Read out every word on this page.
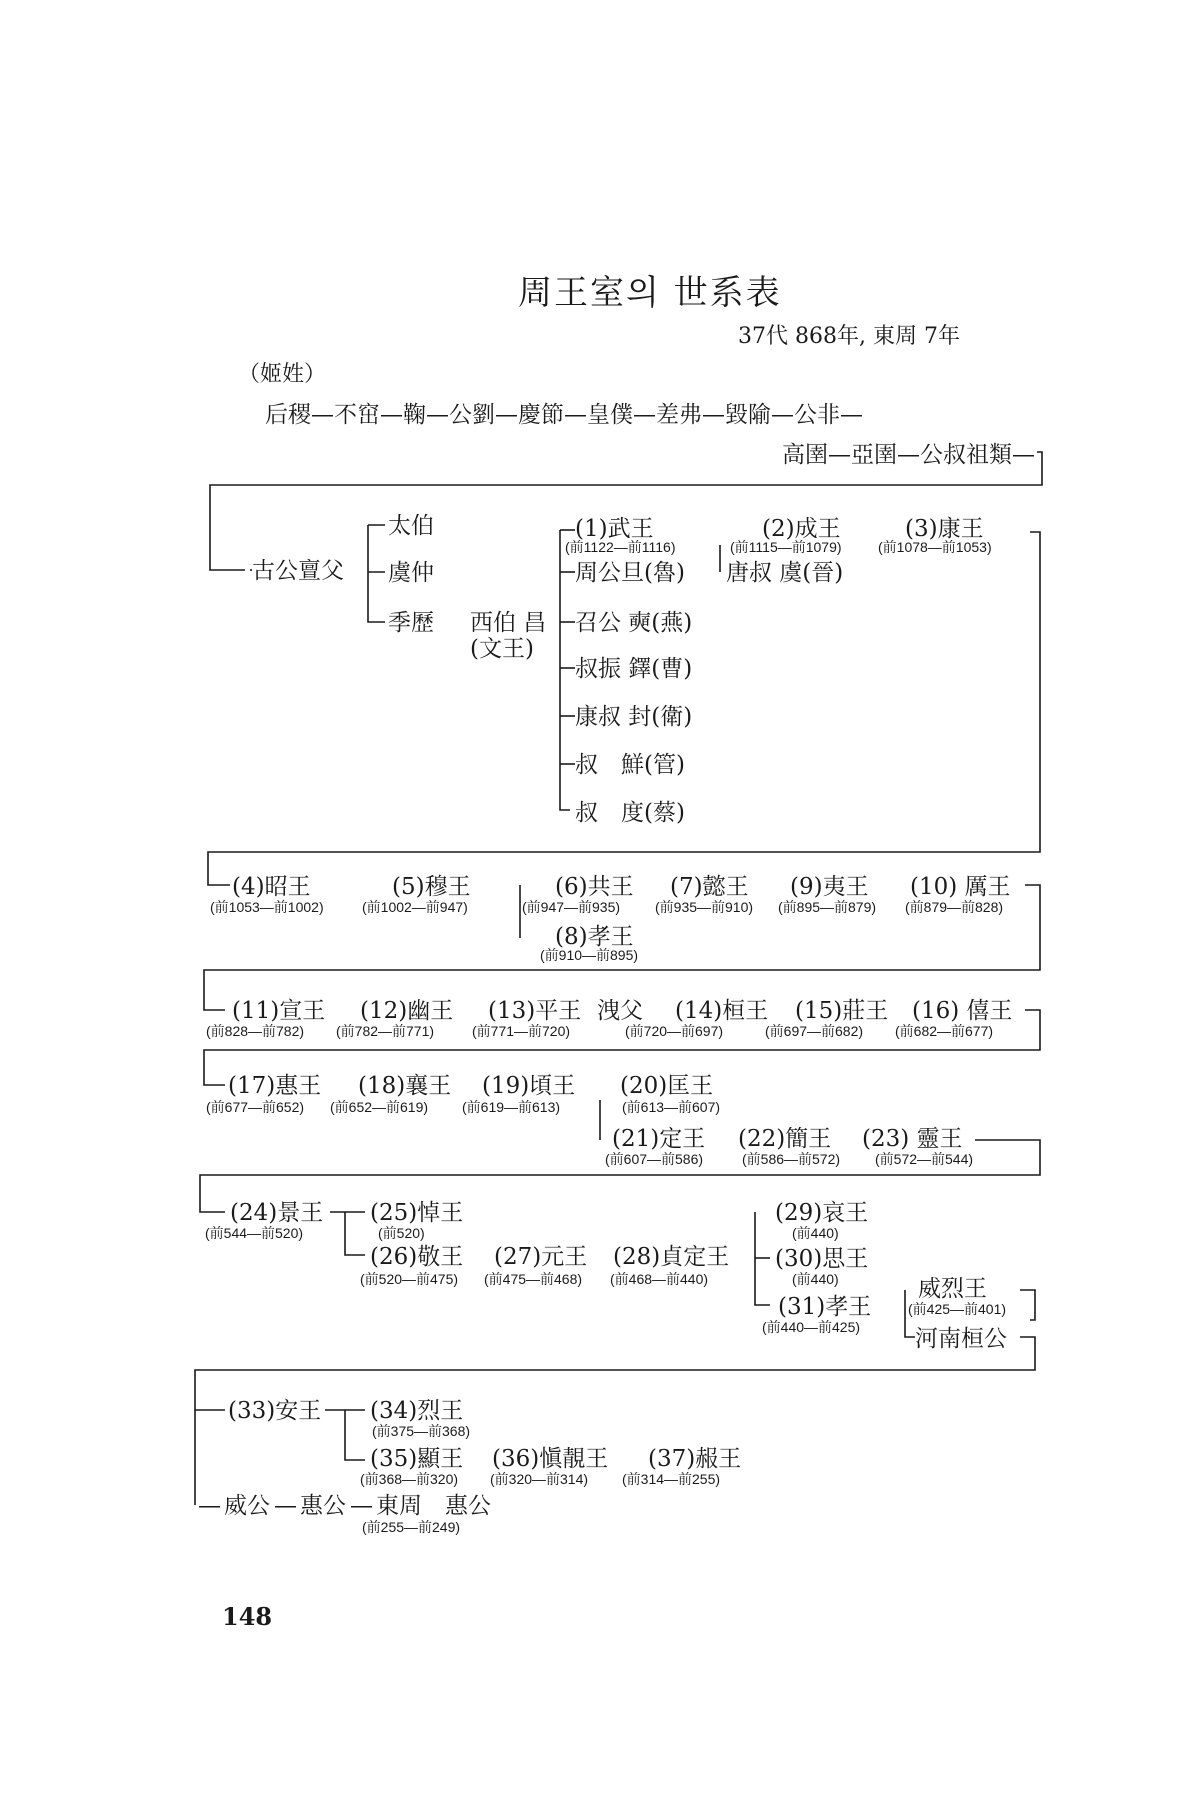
周王室의 世系表
37代 868年, 東周 7年
（姬姓）
后稷—不窋—鞠—公劉—慶節—皇僕—差弗—毀隃—公非—
高圉—亞圉—公叔祖類—
古公亶父
太伯
虞仲
季歷 西伯 昌
(文王)
(1)武王
(前1122—前1116)
(2)成王
(前1115—前1079)
(3)康王
(前1078—前1053)
唐叔 虞(晉)
周公旦(魯)
召公 奭(燕)
叔振 鐸(曹)
康叔 封(衛)
叔　鮮(管)
叔　度(蔡)
(4)昭王
(前1053—前1002)
(5)穆王
(前1002—前947)
(6)共王
(前947—前935)
(7)懿王
(前935—前910)
(9)夷王
(前895—前879)
(10) 厲王
(前879—前828)
(8)孝王
(前910—前895)
(11)宣王
(前828—前782)
(12)幽王
(前782—前771)
(13)平王
(前771—前720)
洩父 (14)桓王
(前720—前697)
(15)莊王
(前697—前682)
(16) 僖王
(前682—前677)
(17)惠王
(前677—前652)
(18)襄王
(前652—前619)
(19)頃王
(前619—前613)
(20)匡王
(前613—前607)
(21)定王
(前607—前586)
(22)簡王
(前586—前572)
(23) 靈王
(前572—前544)
(24)景王
(前544—前520)
(25)悼王
(前520)
(26)敬王
(前520—前475)
(27)元王
(前475—前468)
(28)貞定王
(前468—前440)
(29)哀王
(前440)
(30)思王
(前440)
(31)孝王
(前440—前425)
威烈王
(前425—前401)
河南桓公
(33)安王 (34)烈王
(前375—前368)
(35)顯王
(前368—前320)
(36)愼靚王
(前320—前314)
(37)赧王
(前314—前255)
— 威公 — 惠公 — 東周　惠公
(前255—前249)
148
